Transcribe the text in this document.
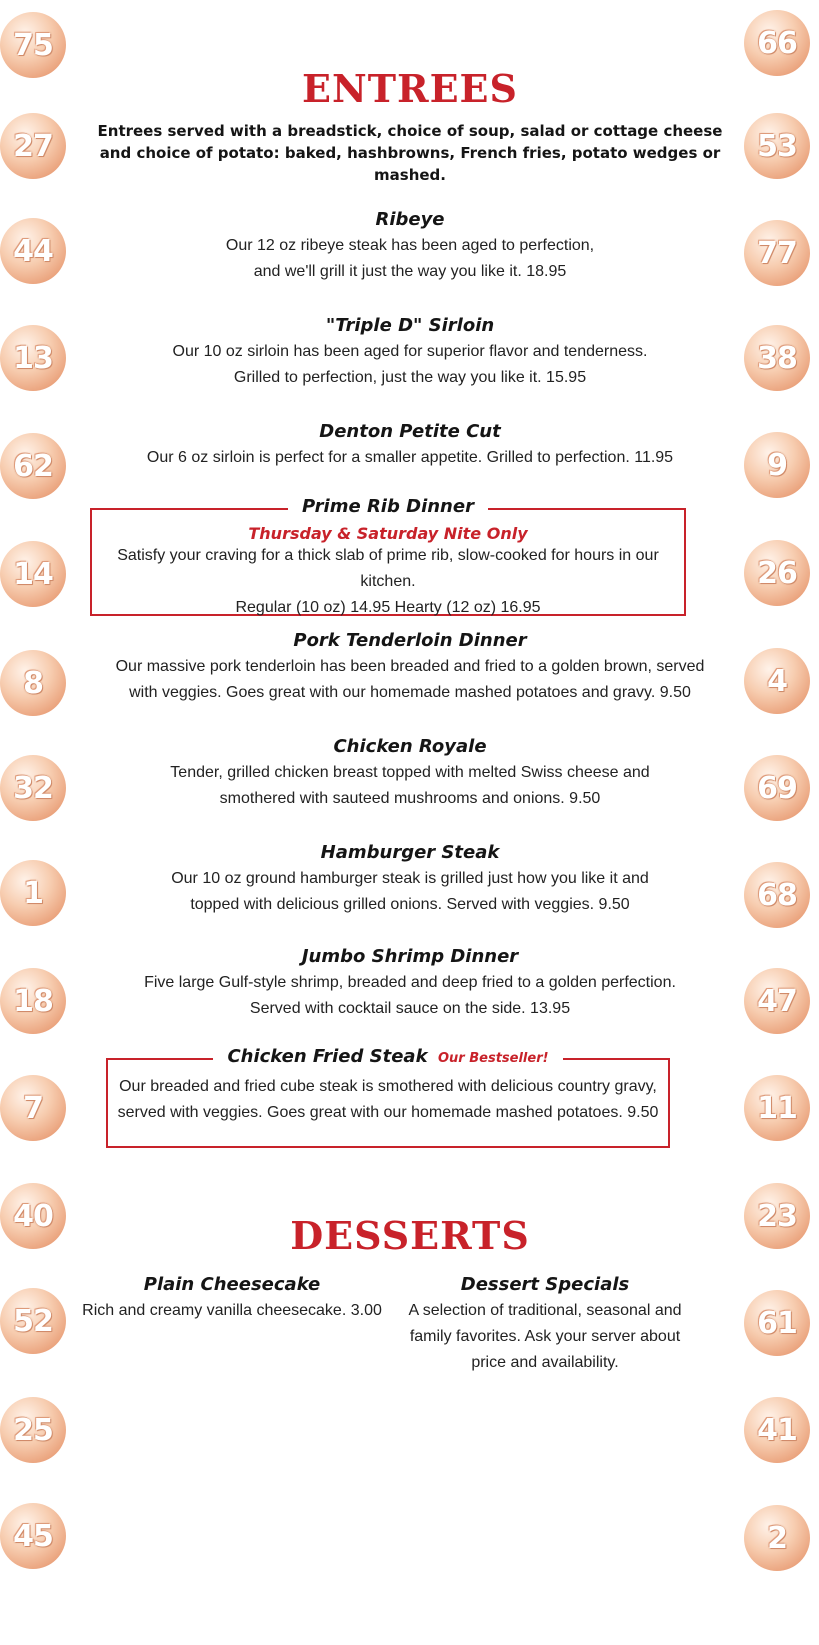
75
27
44
13
62
14
8
32
1
18
7
40
52
25
45
66
53
77
38
9
26
4
69
68
47
11
23
61
41
2
ENTREES
Entrees served with a breadstick, choice of soup, salad or cottage cheese
and choice of potato: baked, hashbrowns, French fries, potato wedges or mashed.
Ribeye
Our 12 oz ribeye steak has been aged to perfection,
and we'll grill it just the way you like it. 18.95
"Triple D" Sirloin
Our 10 oz sirloin has been aged for superior flavor and tenderness.
Grilled to perfection, just the way you like it. 15.95
Denton Petite Cut
Our 6 oz sirloin is perfect for a smaller appetite. Grilled to perfection. 11.95
Prime Rib Dinner
Thursday & Saturday Nite Only
Satisfy your craving for a thick slab of prime rib, slow-cooked for hours in our kitchen.
Regular (10 oz) 14.95 Hearty (12 oz) 16.95
Pork Tenderloin Dinner
Our massive pork tenderloin has been breaded and fried to a golden brown, served
with veggies. Goes great with our homemade mashed potatoes and gravy. 9.50
Chicken Royale
Tender, grilled chicken breast topped with melted Swiss cheese and
smothered with sauteed mushrooms and onions. 9.50
Hamburger Steak
Our 10 oz ground hamburger steak is grilled just how you like it and
topped with delicious grilled onions. Served with veggies. 9.50
Jumbo Shrimp Dinner
Five large Gulf-style shrimp, breaded and deep fried to a golden perfection.
Served with cocktail sauce on the side. 13.95
Chicken Fried Steak Our Bestseller!
Our breaded and fried cube steak is smothered with delicious country gravy,
served with veggies. Goes great with our homemade mashed potatoes. 9.50
DESSERTS
Plain Cheesecake
Rich and creamy vanilla cheesecake. 3.00
Dessert Specials
A selection of traditional, seasonal and
family favorites. Ask your server about
price and availability.
